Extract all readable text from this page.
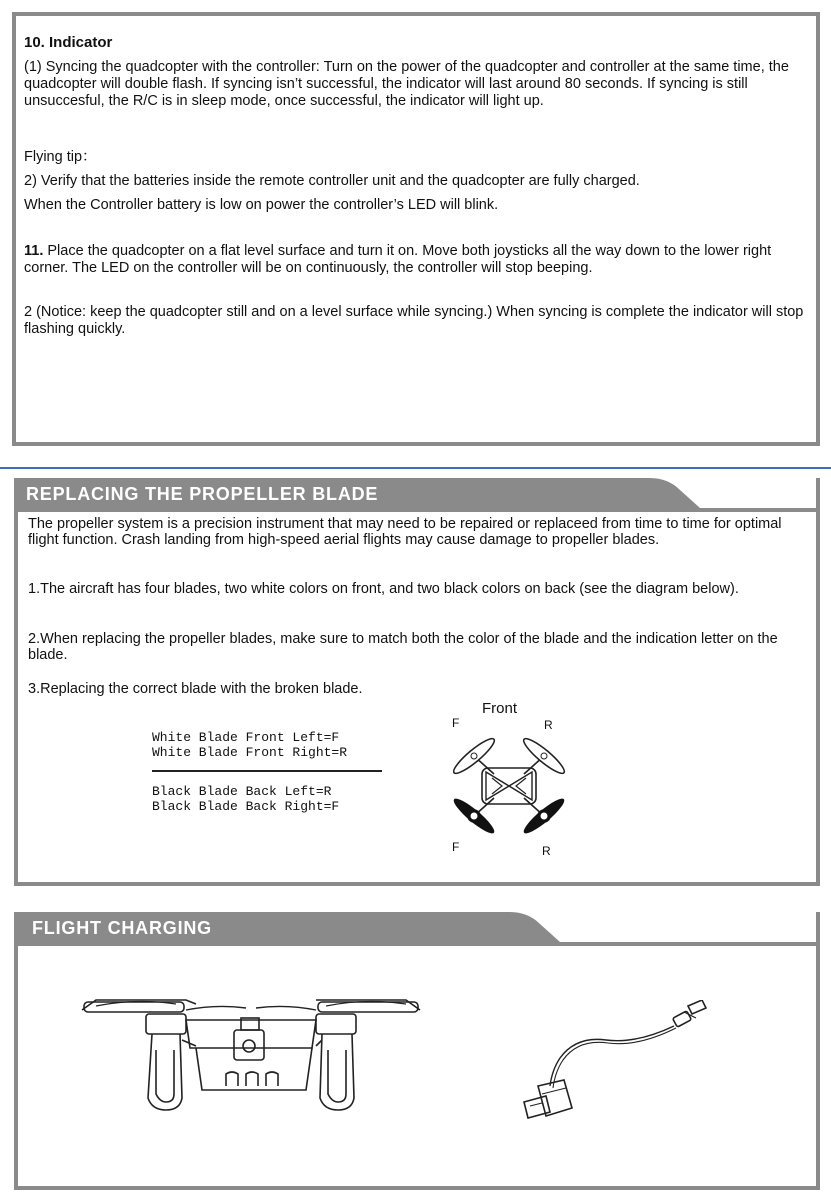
10. Indicator

(1) Syncing the quadcopter with the controller: Turn on the power of the quadcopter and controller at the same time, the quadcopter will double flash. If syncing isn’t successful, the indicator will last around 80 seconds. If syncing is still unsuccesful, the R/C is in sleep mode, once successful, the indicator will light up.

Flying tip：

2) Verify that the batteries inside the remote controller unit and the quadcopter are fully charged.

When the Controller battery is low on power the controller’s LED will blink.

11. Place the quadcopter on a flat level surface and turn it on. Move both joysticks all the way down to the lower right corner. The LED on the controller will be on continuously, the controller will stop beeping.

2 (Notice: keep the quadcopter still and on a level surface while syncing.) When syncing is complete the indicator will stop flashing quickly.

REPLACING THE PROPELLER BLADE

The propeller system is a precision instrument that may need to be repaired or replaceed from time to time for optimal flight function. Crash landing from high-speed aerial flights may cause damage to propeller blades.

1.The aircraft has four blades, two white colors on front, and two black colors on back (see the diagram below).

2.When replacing the propeller blades, make sure to match both the color of the blade and the indication letter on the blade.

3.Replacing the correct blade with the broken blade.

White Blade Front Left=F
White Blade Front Right=R
Black Blade Back Left=R
Black Blade Back Right=F
Front
F	R
F	R
FLIGHT CHARGING
